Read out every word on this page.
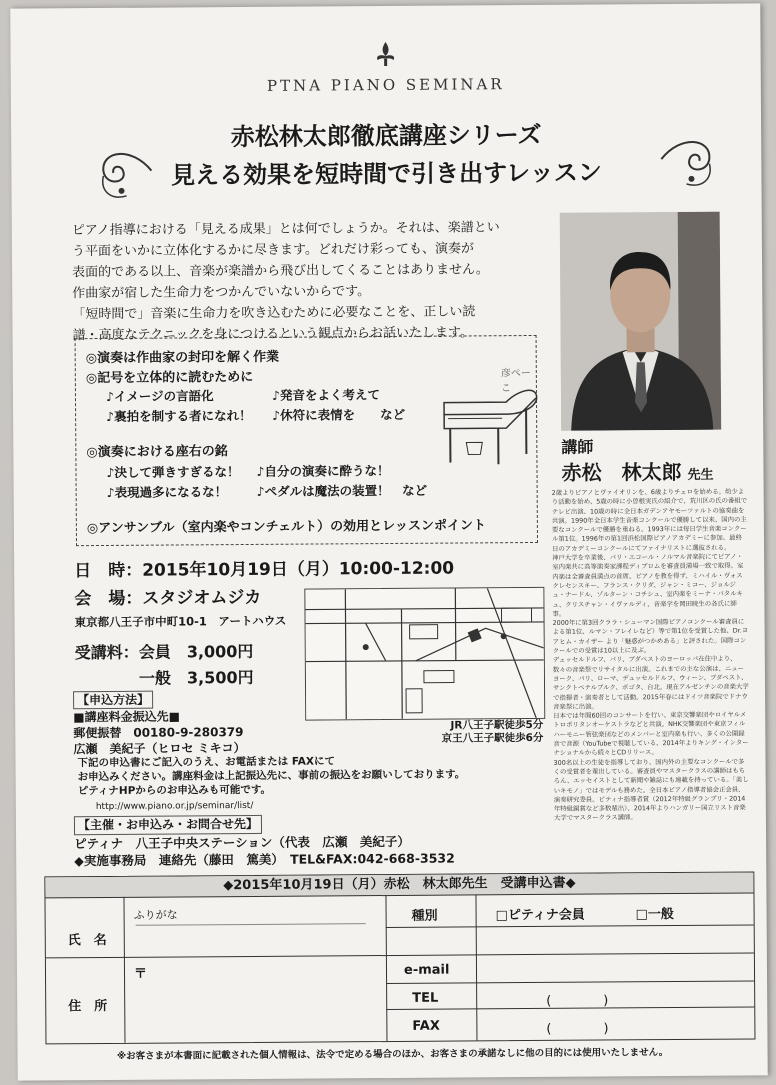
PTNA PIANO SEMINAR
赤松林太郎徹底講座シリーズ
見える効果を短時間で引き出すレッスン

ピアノ指導における「見える成果」とは何でしょうか。それは、楽譜とい

う平面をいかに立体化するかに尽きます。どれだけ彩っても、演奏が

表面的である以上、音楽が楽譜から飛び出してくることはありません。

作曲家が宿した生命力をつかんでいないからです。

「短時間で」音楽に生命力を吹き込むために必要なことを、正しい読

譜・高度なテクニックを身につけるという観点からお話いたします。

講師
赤松　林太郎 先生
2歳よりピアノとヴァイオリンを、6歳よりチェロを始める。幼少より活動を始め、5歳の時に小曽根実氏の紹介で、荒川区の氏の番組でテレビ出演、10歳の時に全日本ガデンアヤモーツァルトの協奏曲を共演。1990年全日本学生音楽コンクールで優勝して以来、国内の主要なコンクールで優勝を重ねる。1993年には毎日学生音楽コンクール第1位。1996年の第1回浜松国際ピアノアカデミーに参加、最終日のアカデミーコンクールにてファイナリストに選抜される。
神戸大学を卒業後、パリ・エコール・ノルマル音楽院にてピアノ・室内楽共に高等演奏家課程ディプロムを審査員満場一致で取得。室内楽は全審査員満点の首席。ピアノを教を得ず、ミハイル・ヴォスクレセンスキー、フランス・クリダ、ジャン・ミコー、ジョルジュ・ナードル、ゾルターン・コチシュ、室内楽をミーナ・パタルキュ、クリスチャン・イヴァルディ、音楽学を岡田暁生の各氏に師事。
2000年に第3回クララ・シューマン国際ピアノコンクール審査員による第1位、ルマン・フレイレなど）等で第1位を受賞した他、Dr.ヨアヒム・カイザー より「魅惑がつかめある」と評された。国際コンクールでの受賞は10以上に及ぶ。
デュッセルドルフ、パリ、ブダペストのヨーロッパ在住中より、数々の音楽祭でリサイタルに出演。これまでの主な公演は、ニューヨーク、パリ、ローマ、デュッセルドルフ、ウィーン、ブダペスト、サンクトペテルブルク、ボゴタ、台北。現在アルゼンチンの音楽大学で指揮者・演奏者として活動。2015年春にはドイツ音楽院でドナウ音楽祭に出演。
日本では年間60回のコンサートを行い、東京交響楽団やロイヤルメトロポリタンオーケストラなどと共演。NHK交響楽団や東京フィルハーモニー管弦楽団などのメンバーと室内楽も行い、多くの公開録音で音源（YouTubeで視聴している、2014年よりキング・インターナショナルから続々とCDリリース。
300名以上の生徒を指導しており、国内外の主要なコンクールで多くの受賞者を輩出している。審査員やマスタークラスの講師はもちろん、エッセイストとして新聞や雑誌にも連載を持っている。「美しいキモノ」ではモデルも務めた。全日本ピアノ指導者協会正会員、演奏研究委員。ピティナ指導者賞（2012年特級グランプリ・2014年特級銅賞など多数輩出）、2014年よりハンガリー国立リスト音楽大学でマスタークラス講師。
◎演奏は作曲家の封印を解く作業
◎記号を立体的に読むために
♪イメージの言語化	♪発音をよく考えて
♪裏拍を制する者になれ！ ♪休符に表情を　　など
◎演奏における座右の銘
♪決して弾きすぎるな！ ♪自分の演奏に酔うな！
♪表現過多になるな！ ♪ペダルは魔法の装置！　など
◎アンサンブル（室内楽やコンチェルト）の効用とレッスンポイント
彦ぺーこ
日　時：2015年10月19日（月）10:00-12:00
会　場：スタジオムジカ
東京都八王子市中町10-1　アートハウス
受講料：会員　3,000円
一般　3,500円
【申込方法】
■講座料金振込先■
郵便振替　00180-9-280379
広瀬　美紀子（ヒロセ ミキコ）
JR八王子駅徒歩5分
京王八王子駅徒歩6分
下記の申込書にご記入のうえ、お電話または FAXにて
お申込みください。講座料金は上記振込先に、事前の振込をお願いしております。
ピティナHPからのお申込みも可能です。
http://www.piano.or.jp/seminar/list/
【主催・お申込み・お問合せ先】
ピティナ　八王子中央ステーション（代表　広瀬　美紀子）
◆実施事務局　連絡先（藤田　篤美）　TEL&FAX:042-668-3532
◆2015年10月19日（月）赤松　林太郎先生　受講申込書◆
氏　名
ふりがな	種別	□ピティナ会員	□一般
e-mail
住　所
〒
TEL	(　　　　)
FAX	(　　　　)
※お客さまが本書面に記載された個人情報は、法令で定める場合のほか、お客さまの承諾なしに他の目的には使用いたしません。
